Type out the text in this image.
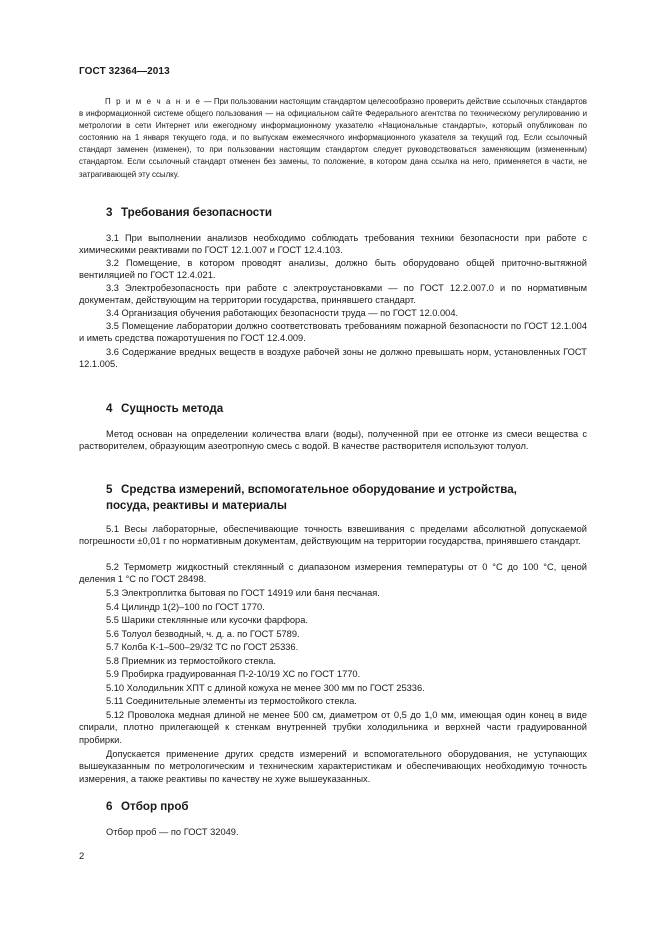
ГОСТ 32364—2013

П р и м е ч а н и е — При пользовании настоящим стандартом целесообразно проверить действие ссылочных стандартов в информационной системе общего пользования — на официальном сайте Федерального агентства по техническому регулированию и метрологии в сети Интернет или ежегодному информационному указателю «Национальные стандарты», который опубликован по состоянию на 1 января текущего года, и по выпускам ежемесячного информационного указателя за текущий год. Если ссылочный стандарт заменен (изменен), то при пользовании настоящим стандартом следует руководствоваться заменяющим (измененным) стандартом. Если ссылочный стандарт отменен без замены, то положение, в котором дана ссылка на него, применяется в части, не затрагивающей эту ссылку.

3 Требования безопасности

3.1 При выполнении анализов необходимо соблюдать требования техники безопасности при работе с химическими реактивами по ГОСТ 12.1.007 и ГОСТ 12.4.103.

3.2 Помещение, в котором проводят анализы, должно быть оборудовано общей приточно-вытяжной вентиляцией по ГОСТ 12.4.021.

3.3 Электробезопасность при работе с электроустановками — по ГОСТ 12.2.007.0 и по нормативным документам, действующим на территории государства, принявшего стандарт.

3.4 Организация обучения работающих безопасности труда — по ГОСТ 12.0.004.

3.5 Помещение лаборатории должно соответствовать требованиям пожарной безопасности по ГОСТ 12.1.004 и иметь средства пожаротушения по ГОСТ 12.4.009.

3.6 Содержание вредных веществ в воздухе рабочей зоны не должно превышать норм, установленных ГОСТ 12.1.005.

4 Сущность метода

Метод основан на определении количества влаги (воды), полученной при ее отгонке из смеси вещества с растворителем, образующим азеотропную смесь с водой. В качестве растворителя используют толуол.

5 Средства измерений, вспомогательное оборудование и устройства,
посуда, реактивы и материалы

5.1 Весы лабораторные, обеспечивающие точность взвешивания с пределами абсолютной допускаемой погрешности ±0,01 г по нормативным документам, действующим на территории государства, принявшего стандарт.

5.2 Термометр жидкостный стеклянный с диапазоном измерения температуры от 0 °С до 100 °С, ценой деления 1 °С по ГОСТ 28498.

5.3 Электроплитка бытовая по ГОСТ 14919 или баня песчаная.

5.4 Цилиндр 1(2)–100 по ГОСТ 1770.

5.5 Шарики стеклянные или кусочки фарфора.

5.6 Толуол безводный, ч. д. а. по ГОСТ 5789.

5.7 Колба К-1–500–29/32 ТС по ГОСТ 25336.

5.8 Приемник из термостойкого стекла.

5.9 Пробирка градуированная П-2-10/19 ХС по ГОСТ 1770.

5.10 Холодильник ХПТ с длиной кожуха не менее 300 мм по ГОСТ 25336.

5.11 Соединительные элементы из термостойкого стекла.

5.12 Проволока медная длиной не менее 500 см, диаметром от 0,5 до 1,0 мм, имеющая один конец в виде спирали, плотно прилегающей к стенкам внутренней трубки холодильника и верхней части градуированной пробирки.

Допускается применение других средств измерений и вспомогательного оборудования, не уступающих вышеуказанным по метрологическим и техническим характеристикам и обеспечивающих необходимую точность измерения, а также реактивы по качеству не хуже вышеуказанных.

6 Отбор проб

Отбор проб — по ГОСТ 32049.

2
